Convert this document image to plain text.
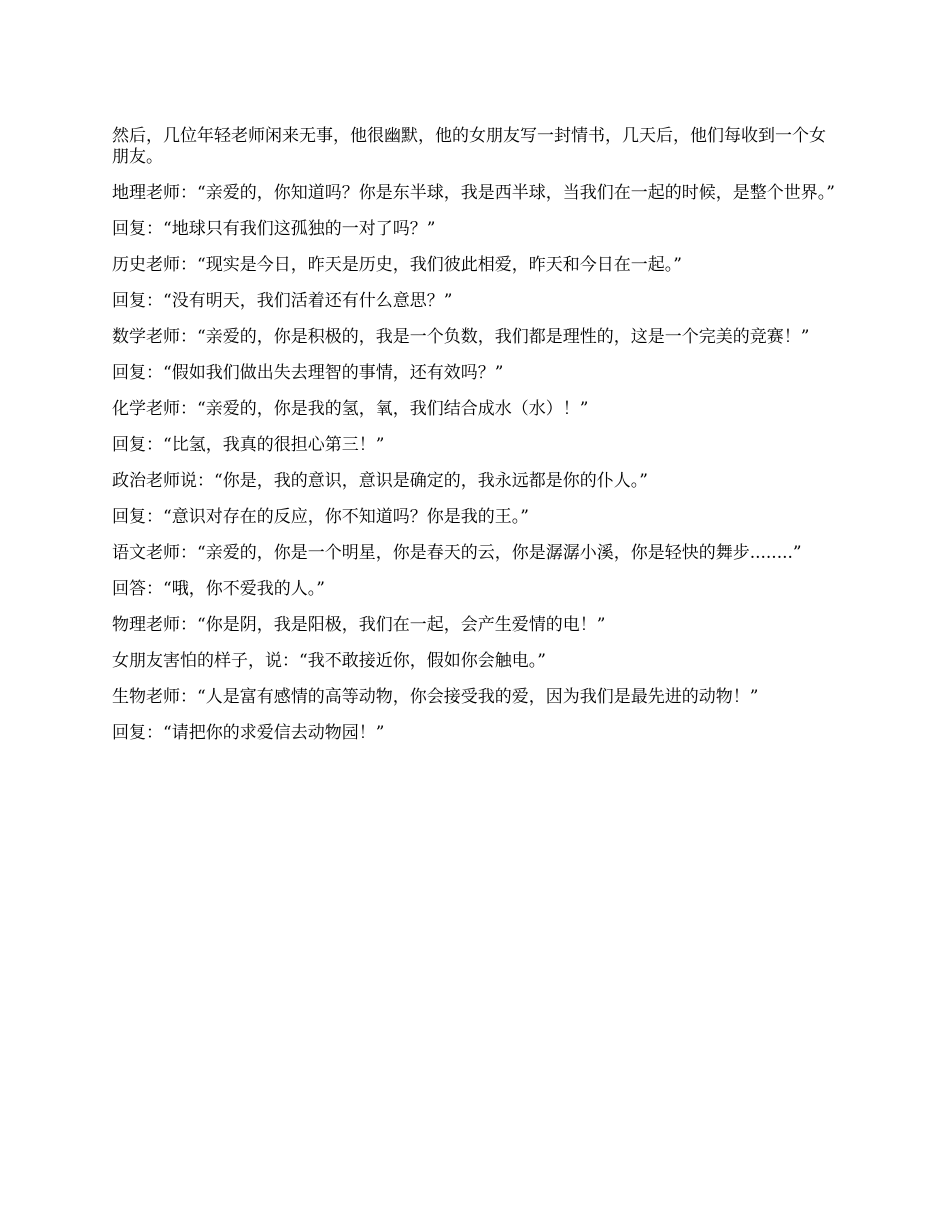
然后，几位年轻老师闲来无事，他很幽默，他的女朋友写一封情书，几天后，他们每收到一个女朋友。

地理老师：“亲爱的，你知道吗？你是东半球，我是西半球，当我们在一起的时候，是整个世界。”

回复：“地球只有我们这孤独的一对了吗？”

历史老师：“现实是今日，昨天是历史，我们彼此相爱，昨天和今日在一起。”

回复：“没有明天，我们活着还有什么意思？”

数学老师：“亲爱的，你是积极的，我是一个负数，我们都是理性的，这是一个完美的竞赛！”

回复：“假如我们做出失去理智的事情，还有效吗？”

化学老师：“亲爱的，你是我的氢，氧，我们结合成水（水）！”

回复：“比氢，我真的很担心第三！”

政治老师说：“你是，我的意识，意识是确定的，我永远都是你的仆人。”

回复：“意识对存在的反应，你不知道吗？你是我的王。”

语文老师：“亲爱的，你是一个明星，你是春天的云，你是潺潺小溪，你是轻快的舞步........”

回答：“哦，你不爱我的人。”

物理老师：“你是阴，我是阳极，我们在一起，会产生爱情的电！”

女朋友害怕的样子，说：“我不敢接近你，假如你会触电。”

生物老师：“人是富有感情的高等动物，你会接受我的爱，因为我们是最先进的动物！”

回复：“请把你的求爱信去动物园！”
